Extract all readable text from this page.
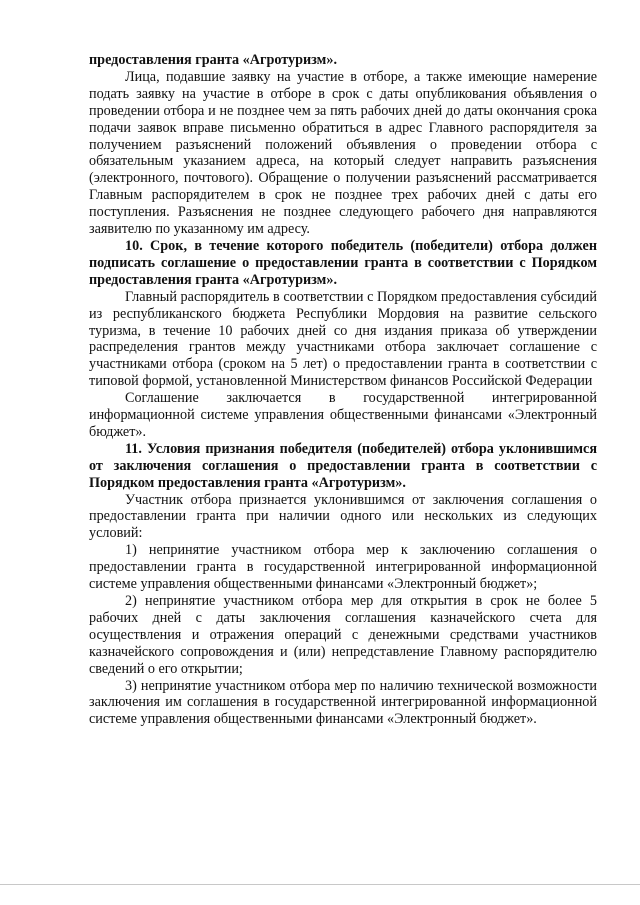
предоставления гранта «Агротуризм».

Лица, подавшие заявку на участие в отборе, а также имеющие намерение подать заявку на участие в отборе в срок с даты опубликования объявления о проведении отбора и не позднее чем за пять рабочих дней до даты окончания срока подачи заявок вправе письменно обратиться в адрес Главного распорядителя за получением разъяснений положений объявления о проведении отбора с обязательным указанием адреса, на который следует направить разъяснения (электронного, почтового). Обращение о получении разъяснений рассматривается Главным распорядителем в срок не позднее трех рабочих дней с даты его поступления. Разъяснения не позднее следующего рабочего дня направляются заявителю по указанному им адресу.

10. Срок, в течение которого победитель (победители) отбора должен подписать соглашение о предоставлении гранта в соответствии с Порядком предоставления гранта «Агротуризм».

Главный распорядитель в соответствии с Порядком предоставления субсидий из республиканского бюджета Республики Мордовия на развитие сельского туризма, в течение 10 рабочих дней со дня издания приказа об утверждении распределения грантов между участниками отбора заключает соглашение с участниками отбора (сроком на 5 лет) о предоставлении гранта в соответствии с типовой формой, установленной Министерством финансов Российской Федерации

Соглашение заключается в государственной интегрированной информационной системе управления общественными финансами «Электронный бюджет».

11. Условия признания победителя (победителей) отбора уклонившимся от заключения соглашения о предоставлении гранта в соответствии с Порядком предоставления гранта «Агротуризм».

Участник отбора признается уклонившимся от заключения соглашения о предоставлении гранта при наличии одного или нескольких из следующих условий:

1) непринятие участником отбора мер к заключению соглашения о предоставлении гранта в государственной интегрированной информационной системе управления общественными финансами «Электронный бюджет»;

2) непринятие участником отбора мер для открытия в срок не более 5 рабочих дней с даты заключения соглашения казначейского счета для осуществления и отражения операций с денежными средствами участников казначейского сопровождения и (или) непредставление Главному распорядителю сведений о его открытии;

3) непринятие участником отбора мер по наличию технической возможности заключения им соглашения в государственной интегрированной информационной системе управления общественными финансами «Электронный бюджет».
